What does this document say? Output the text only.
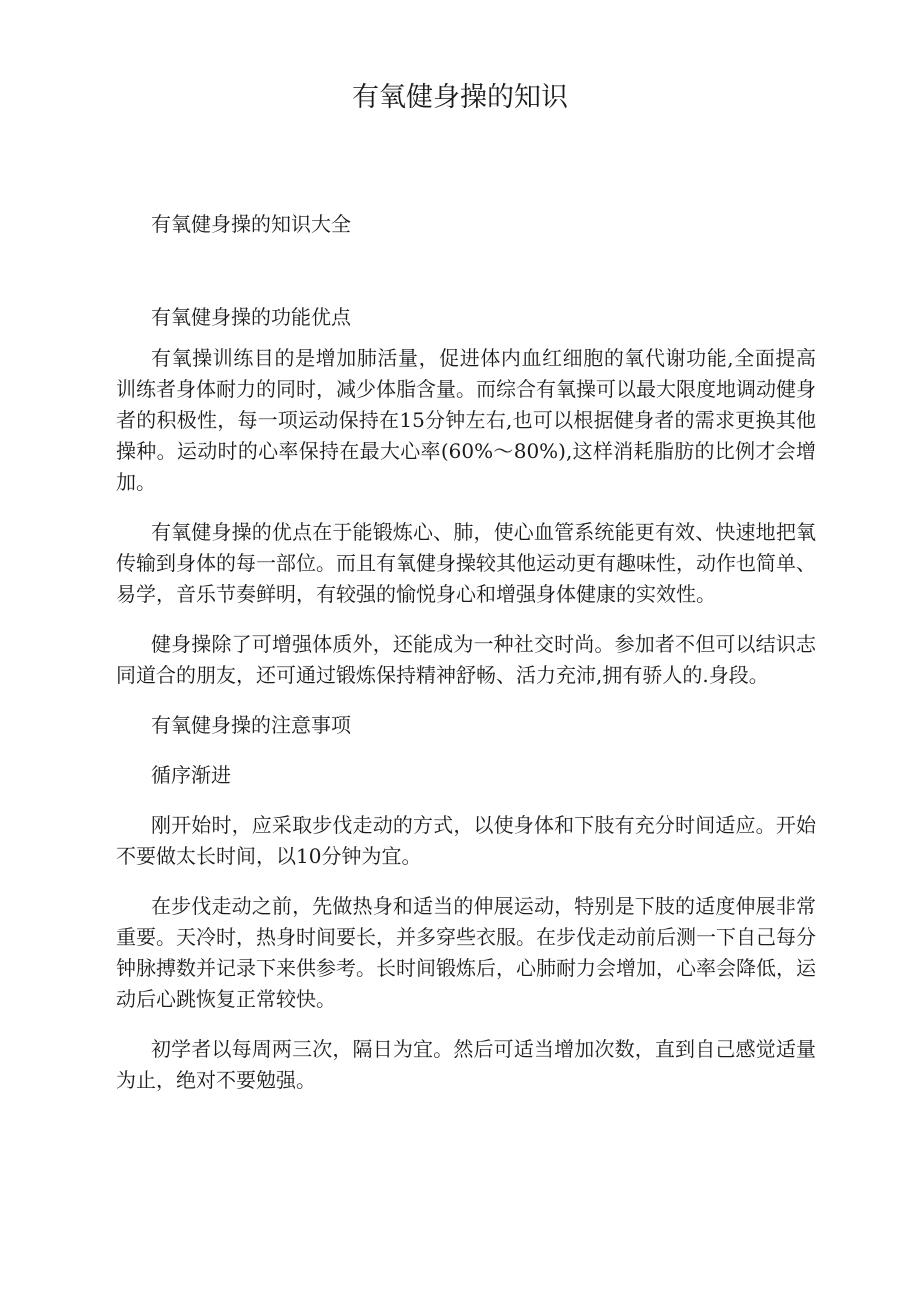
有氧健身操的知识

有氧健身操的知识大全

有氧健身操的功能优点

有氧操训练目的是增加肺活量，促进体内血红细胞的氧代谢功能,全面提高训练者身体耐力的同时，减少体脂含量。而综合有氧操可以最大限度地调动健身者的积极性，每一项运动保持在15分钟左右,也可以根据健身者的需求更换其他操种。运动时的心率保持在最大心率(60%〜80%),这样消耗脂肪的比例才会增加。

有氧健身操的优点在于能锻炼心、肺，使心血管系统能更有效、快速地把氧传输到身体的每一部位。而且有氧健身操较其他运动更有趣味性，动作也简单、易学，音乐节奏鲜明，有较强的愉悦身心和增强身体健康的实效性。

健身操除了可增强体质外，还能成为一种社交时尚。参加者不但可以结识志同道合的朋友，还可通过锻炼保持精神舒畅、活力充沛,拥有骄人的.身段。

有氧健身操的注意事项

循序渐进

刚开始时，应采取步伐走动的方式，以使身体和下肢有充分时间适应。开始不要做太长时间，以10分钟为宜。

在步伐走动之前，先做热身和适当的伸展运动，特别是下肢的适度伸展非常重要。天冷时，热身时间要长，并多穿些衣服。在步伐走动前后测一下自己每分钟脉搏数并记录下来供参考。长时间锻炼后，心肺耐力会增加，心率会降低，运动后心跳恢复正常较快。

初学者以每周两三次，隔日为宜。然后可适当增加次数，直到自己感觉适量为止，绝对不要勉强。
